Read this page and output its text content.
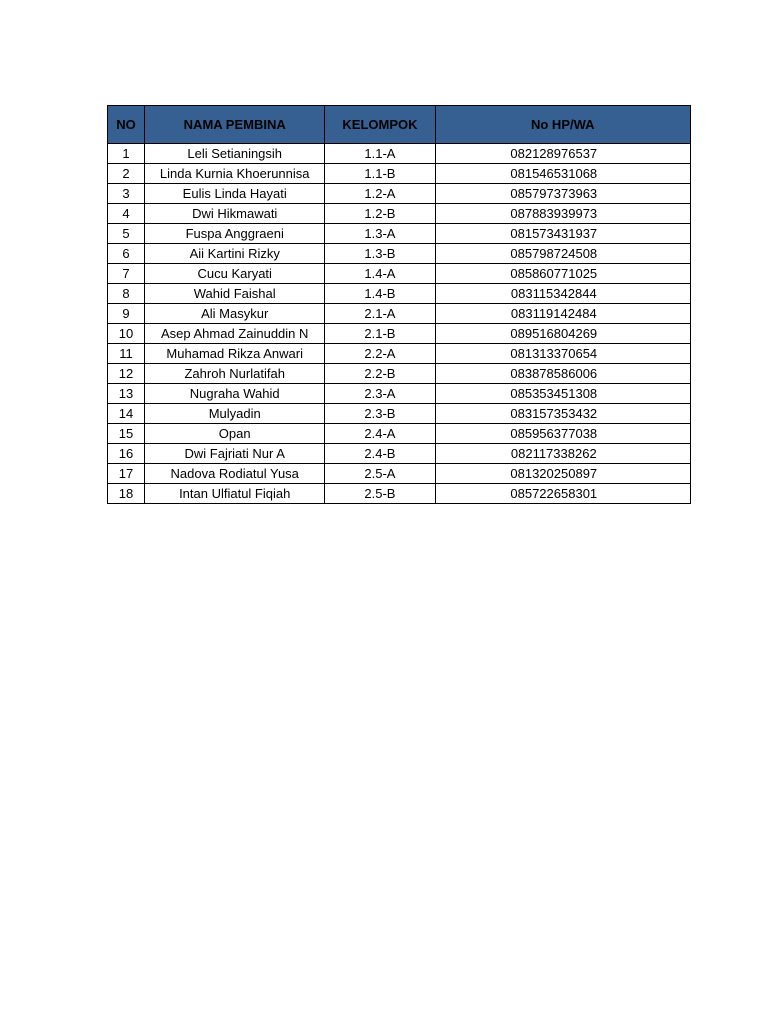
NO	NAMA PEMBINA	KELOMPOK	No HP/WA
1	Leli Setianingsih	1.1-A	082128976537
2	Linda Kurnia Khoerunnisa	1.1-B	081546531068
3	Eulis Linda Hayati	1.2-A	085797373963
4	Dwi Hikmawati	1.2-B	087883939973
5	Fuspa Anggraeni	1.3-A	081573431937
6	Aii Kartini Rizky	1.3-B	085798724508
7	Cucu Karyati	1.4-A	085860771025
8	Wahid Faishal	1.4-B	083115342844
9	Ali Masykur	2.1-A	083119142484
10	Asep Ahmad Zainuddin N	2.1-B	089516804269
11	Muhamad Rikza Anwari	2.2-A	081313370654
12	Zahroh Nurlatifah	2.2-B	083878586006
13	Nugraha Wahid	2.3-A	085353451308
14	Mulyadin	2.3-B	083157353432
15	Opan	2.4-A	085956377038
16	Dwi Fajriati Nur A	2.4-B	082117338262
17	Nadova Rodiatul Yusa	2.5-A	081320250897
18	Intan Ulfiatul Fiqiah	2.5-B	085722658301
